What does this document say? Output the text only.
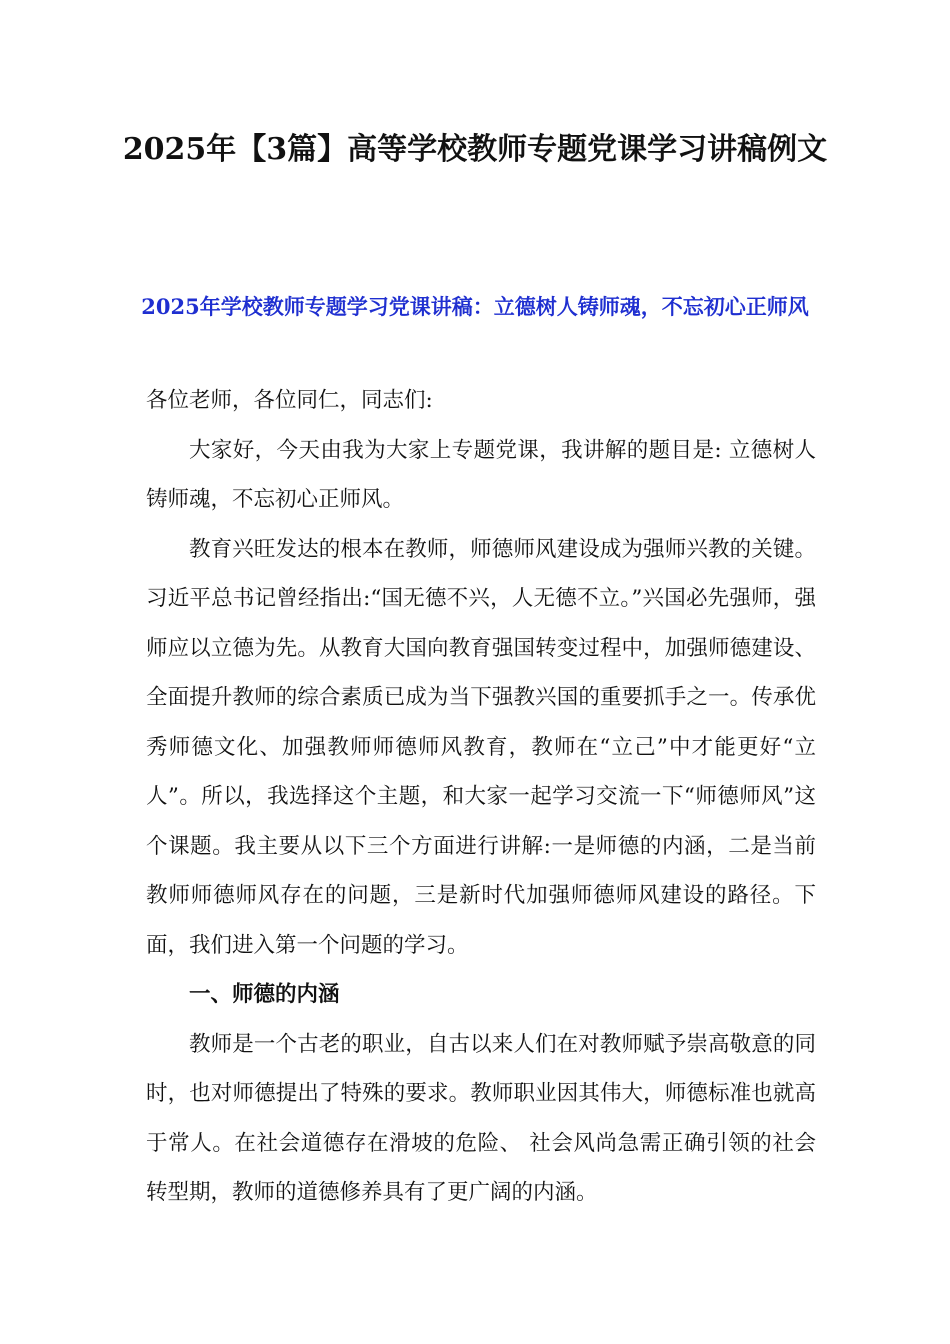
2025年【3篇】高等学校教师专题党课学习讲稿例文
2025年学校教师专题学习党课讲稿：立德树人铸师魂，不忘初心正师风

各位老师，各位同仁，同志们:

大家好，今天由我为大家上专题党课，我讲解的题目是: 立德树人铸师魂，不忘初心正师风。

教育兴旺发达的根本在教师，师德师风建设成为强师兴教的关键。习近平总书记曾经指出:“国无德不兴，人无德不立。”兴国必先强师，强师应以立德为先。从教育大国向教育强国转变过程中，加强师德建设、全面提升教师的综合素质已成为当下强教兴国的重要抓手之一。传承优秀师德文化、加强教师师德师风教育，教师在“立己”中才能更好“立人”。所以，我选择这个主题，和大家一起学习交流一下“师德师风”这个课题。我主要从以下三个方面进行讲解:一是师德的内涵，二是当前教师师德师风存在的问题，三是新时代加强师德师风建设的路径。下面，我们进入第一个问题的学习。

一、师德的内涵

教师是一个古老的职业，自古以来人们在对教师赋予崇高敬意的同时，也对师德提出了特殊的要求。教师职业因其伟大，师德标准也就高于常人。在社会道德存在滑坡的危险、 社会风尚急需正确引领的社会转型期，教师的道德修养具有了更广阔的内涵。
